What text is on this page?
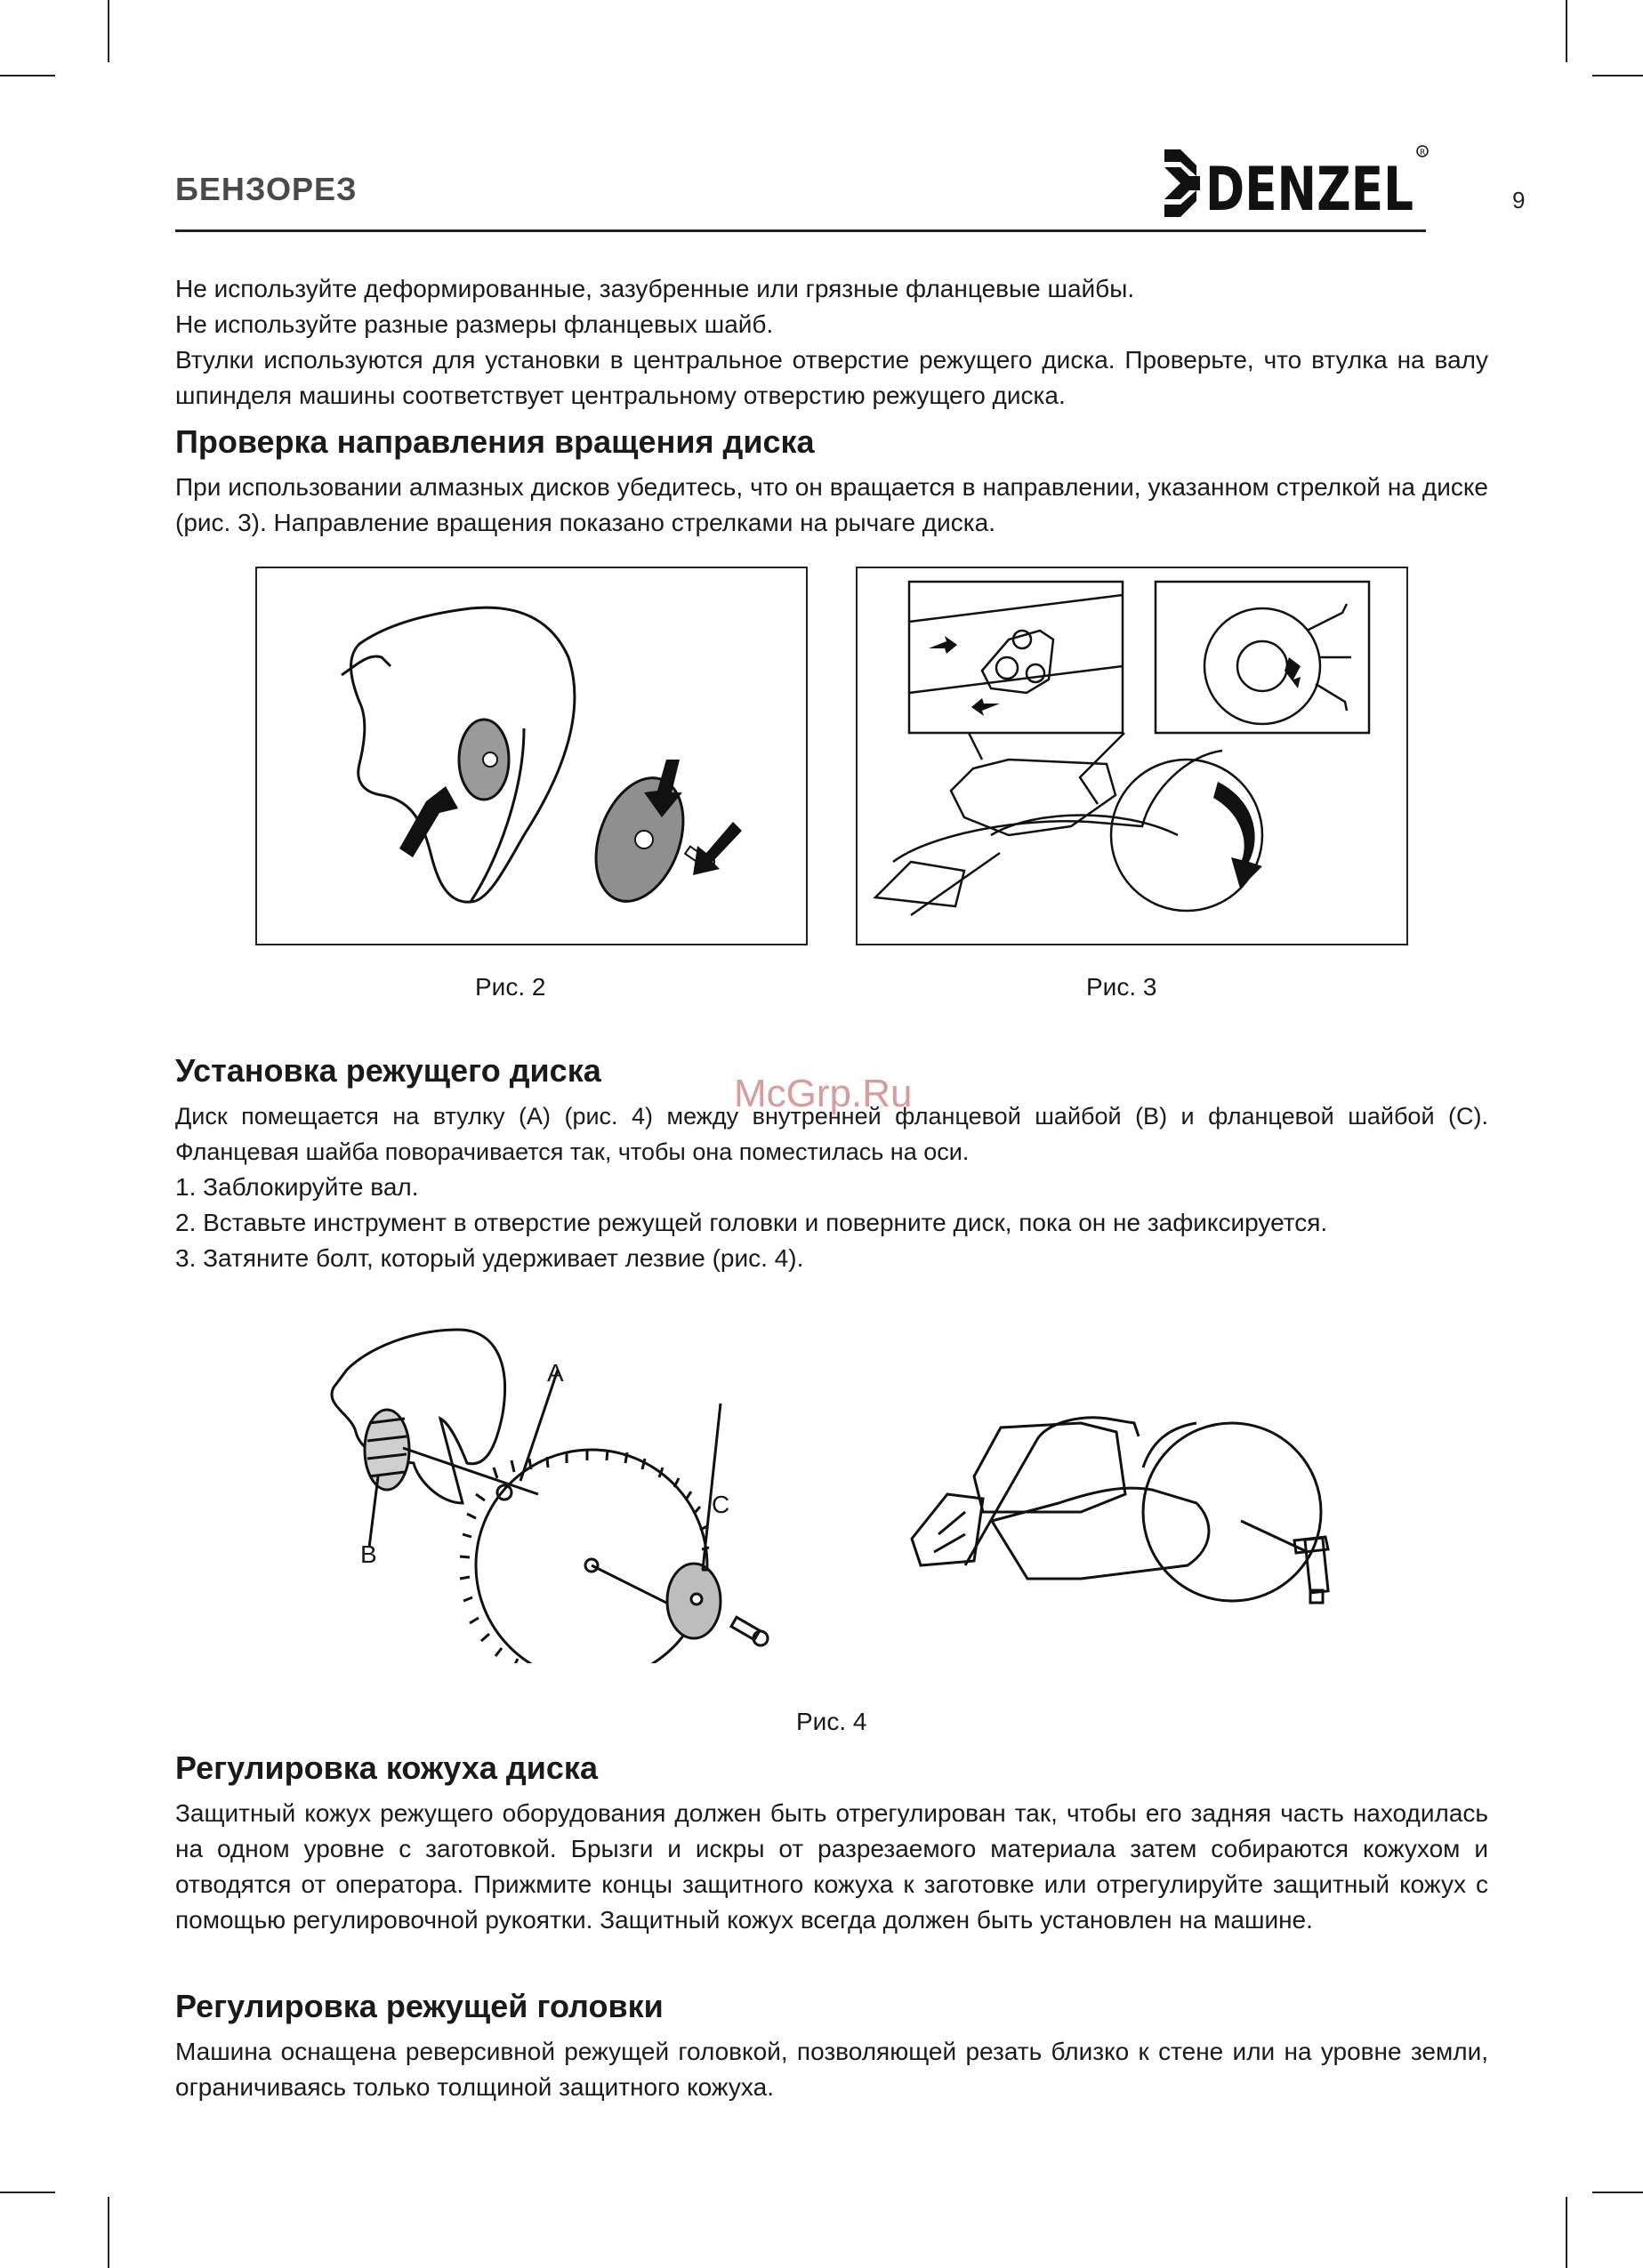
БЕНЗОРЕЗ	DENZEL
R
9

Не используйте деформированные, зазубренные или грязные фланцевые шайбы.

Не используйте разные размеры фланцевых шайб.

Втулки используются для установки в центральное отверстие режущего диска. Проверьте, что втулка на валу шпинделя машины соответствует центральному отверстию режущего диска.

Проверка направления вращения диска

При использовании алмазных дисков убедитесь, что он вращается в направлении, указанном стрелкой на диске (рис. 3). Направление вращения показано стрелками на рычаге диска.

Рис. 2	Рис. 3
Установка режущего диска

Диск помещается на втулку (A) (рис. 4) между внутренней фланцевой шайбой (B) и фланцевой шайбой (C). Фланцевая шайба поворачивается так, чтобы она поместилась на оси.

1. Заблокируйте вал.
2. Вставьте инструмент в отверстие режущей головки и поверните диск, пока он не зафиксируется.
3. Затяните болт, который удерживает лезвие (рис. 4).
McGrp.Ru
A
B
C
Рис. 4
Регулировка кожуха диска

Защитный кожух режущего оборудования должен быть отрегулирован так, чтобы его задняя часть находилась на одном уровне с заготовкой. Брызги и искры от разрезаемого материала затем собираются кожухом и отводятся от оператора. Прижмите концы защитного кожуха к заготовке или отрегулируйте защитный кожух с помощью регулировочной рукоятки. Защитный кожух всегда должен быть установлен на машине.

Регулировка режущей головки

Машина оснащена реверсивной режущей головкой, позволяющей резать близко к стене или на уровне земли, ограничиваясь только толщиной защитного кожуха.
